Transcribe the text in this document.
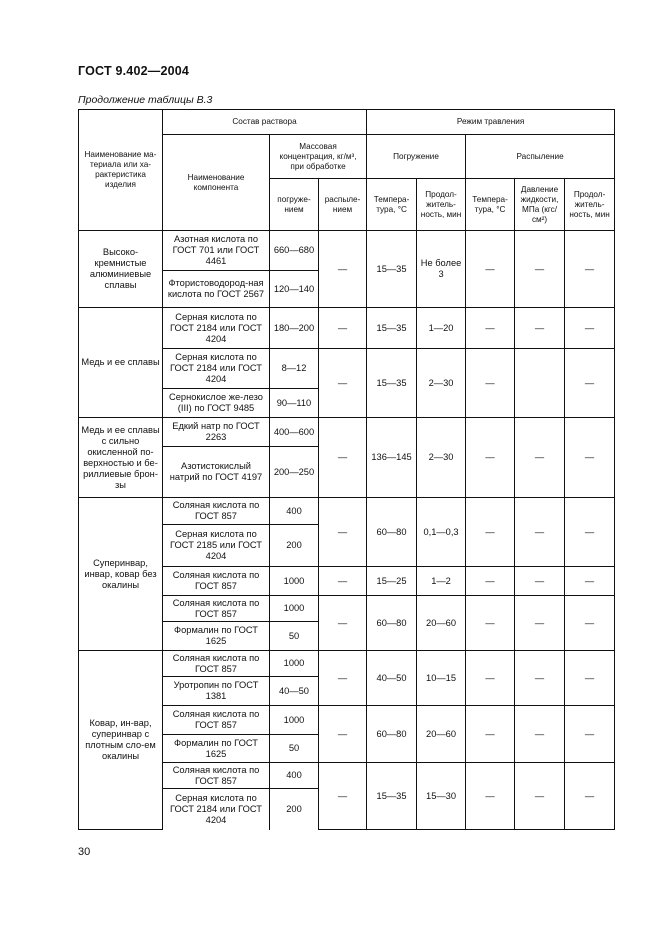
ГОСТ 9.402—2004
Продолжение таблицы В.3
Наименование ма-териала или ха-рактеристика изделия	Состав раствора			Режим травления				
	Наименование компонента	Массовая концентрация, кг/м³, при обработке		Погружение		Распыление		
		погруже-нием	распыле-нием	Темпера-тура, °С	Продол-житель-ность, мин	Темпера-тура, °С	Давление жидкости, МПа (кгс/см²)	Продол-житель-ность, мин
Высоко-кремнистые алюминиевые сплавы	Азотная кислота по ГОСТ 701 или ГОСТ 4461	660—680	—	15—35	Не более 3	—	—	—
	Фтористоводород-ная кислота по ГОСТ 2567	120—140						
Медь и ее сплавы	Серная кислота по ГОСТ 2184 или ГОСТ 4204	180—200	—	15—35	1—20	—	—	—
	Серная кислота по ГОСТ 2184 или ГОСТ 4204	8—12	—	15—35	2—30	—		—
	Сернокислое же-лезо (III) по ГОСТ 9485	90—110						
Медь и ее сплавы с сильно окисленной по-верхностью и бе-риллиевые брон-зы	Едкий натр по ГОСТ 2263	400—600	—	136—145	2—30	—	—	—
	Азотистокислый натрий по ГОСТ 4197	200—250						
Суперинвар, инвар, ковар без окалины	Соляная кислота по ГОСТ 857	400	—	60—80	0,1—0,3	—	—	—
	Серная кислота по ГОСТ 2185 или ГОСТ 4204	200						
	Соляная кислота по ГОСТ 857	1000	—	15—25	1—2	—	—	—
	Соляная кислота по ГОСТ 857	1000	—	60—80	20—60	—	—	—
	Формалин по ГОСТ 1625	50						
Ковар, ин-вар, суперинвар с плотным сло-ем окалины	Соляная кислота по ГОСТ 857	1000	—	40—50	10—15	—	—	—
	Уротропин по ГОСТ 1381	40—50						
	Соляная кислота по ГОСТ 857	1000	—	60—80	20—60	—	—	—
	Формалин по ГОСТ 1625	50						
	Соляная кислота по ГОСТ 857	400	—	15—35	15—30	—	—	—
	Серная кислота по ГОСТ 2184 или ГОСТ 4204	200						
30
